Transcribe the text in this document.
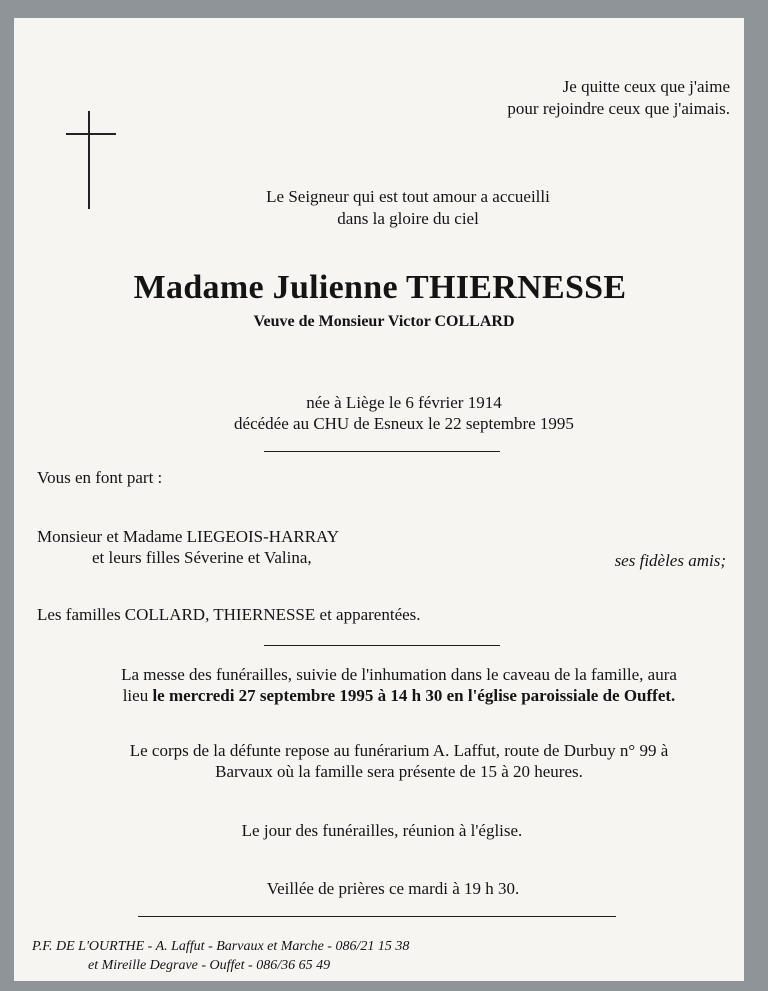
Je quitte ceux que j'aime
pour rejoindre ceux que j'aimais.
Le Seigneur qui est tout amour a accueilli
dans la gloire du ciel
Madame Julienne THIERNESSE
Veuve de Monsieur Victor COLLARD
née à Liège le 6 février 1914
décédée au CHU de Esneux le 22 septembre 1995
Vous en font part :
Monsieur et Madame LIEGEOIS-HARRAY
et leurs filles Séverine et Valina,	ses fidèles amis;
Les familles COLLARD, THIERNESSE et apparentées.
La messe des funérailles, suivie de l'inhumation dans le caveau de la famille, aura
lieu le mercredi 27 septembre 1995 à 14 h 30 en l'église paroissiale de Ouffet.
Le corps de la défunte repose au funérarium A. Laffut, route de Durbuy n° 99 à
Barvaux où la famille sera présente de 15 à 20 heures.
Le jour des funérailles, réunion à l'église.
Veillée de prières ce mardi à 19 h 30.
P.F. DE L'OURTHE - A. Laffut - Barvaux et Marche - 086/21 15 38
et Mireille Degrave - Ouffet - 086/36 65 49
